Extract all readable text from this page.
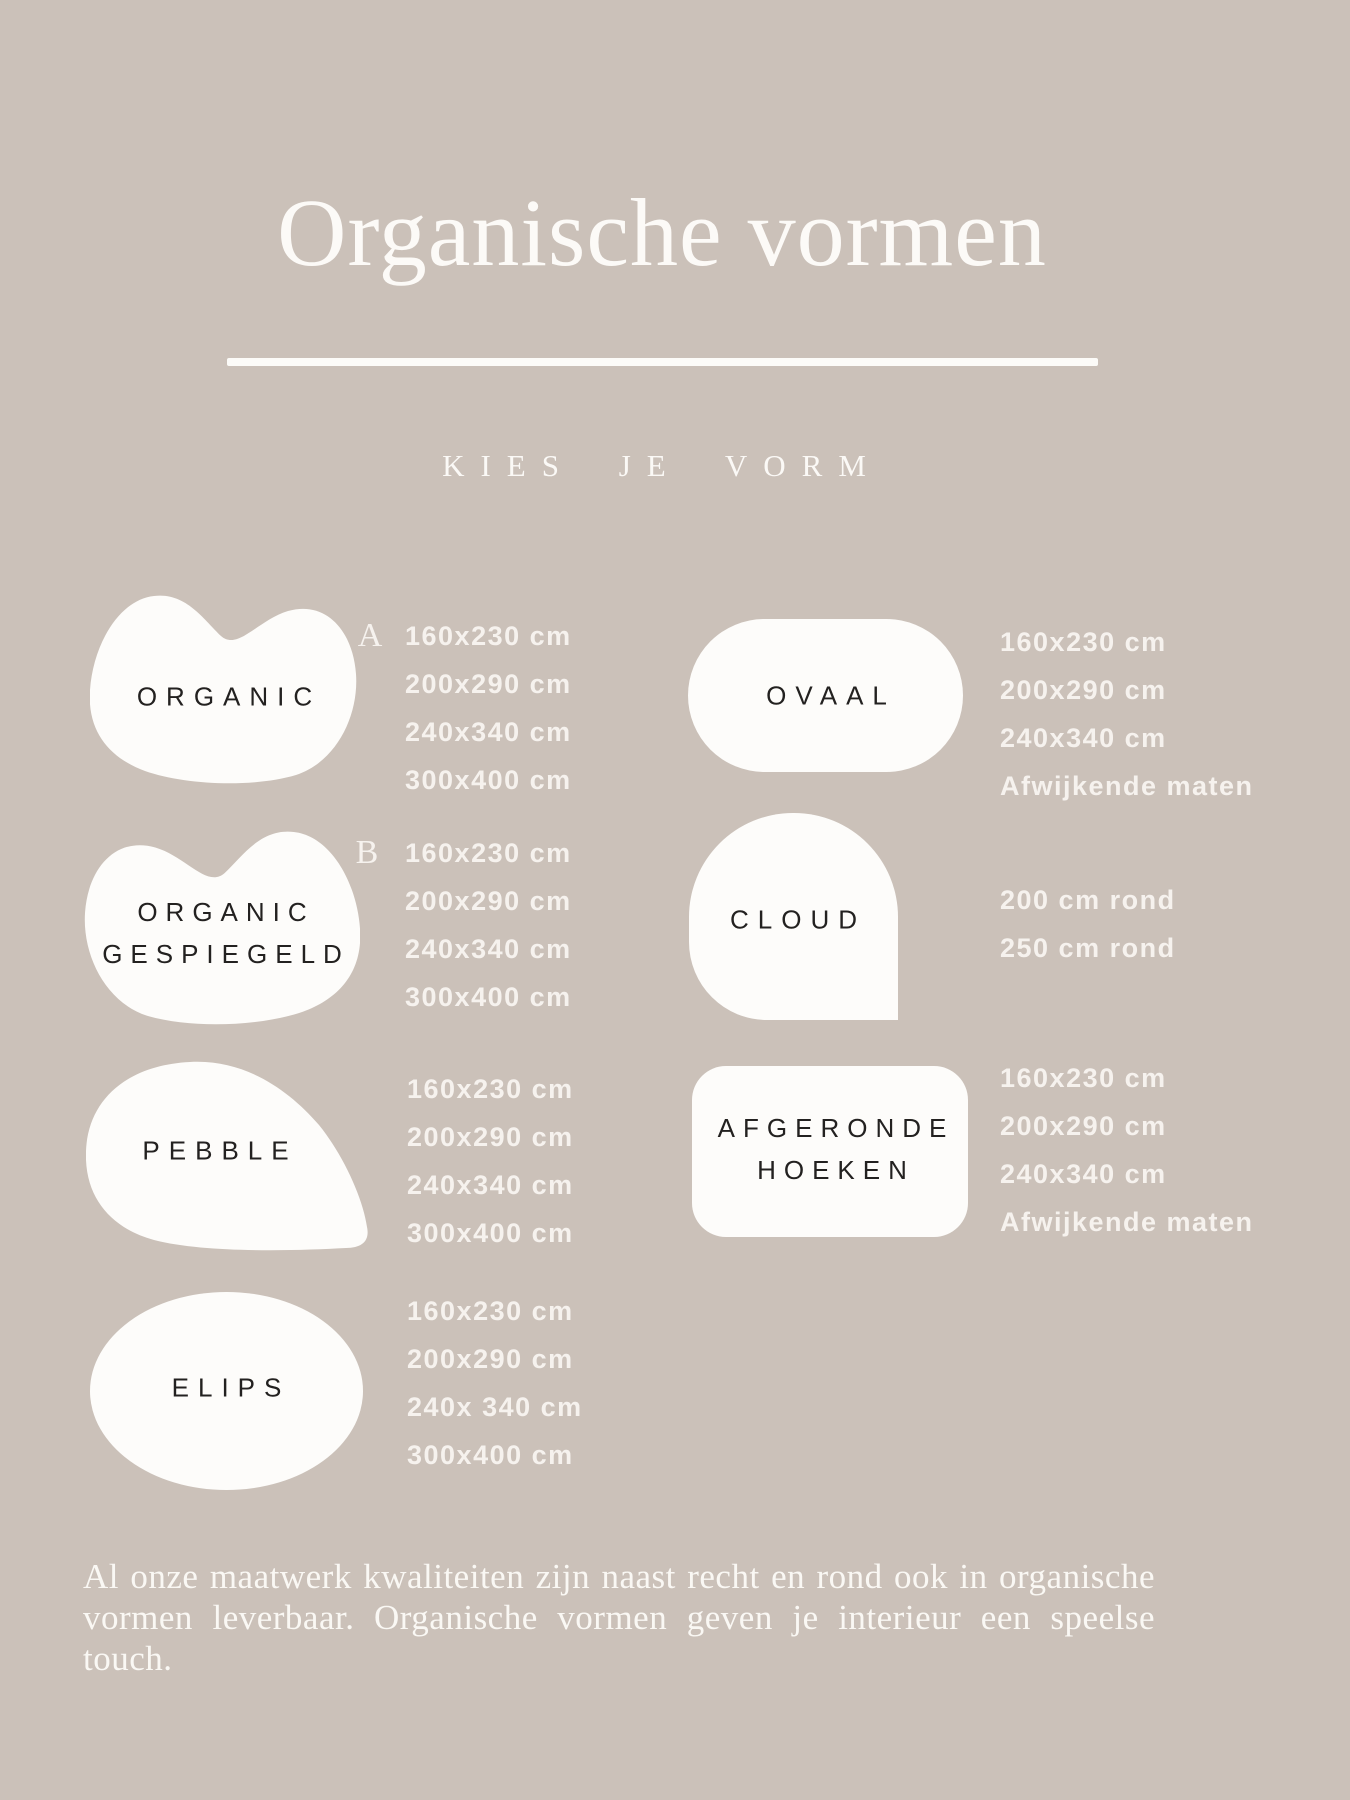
Organische vormen
KIES JE VORM
ORGANIC
A 160x230 cm
200x290 cm
240x340 cm
300x400 cm
ORGANIC
GESPIEGELD
B 160x230 cm
200x290 cm
240x340 cm
300x400 cm
PEBBLE
160x230 cm
200x290 cm
240x340 cm
300x400 cm
ELIPS
160x230 cm
200x290 cm
240x 340 cm
300x400 cm
OVAAL
160x230 cm
200x290 cm
240x340 cm
Afwijkende maten
CLOUD
200 cm rond
250 cm rond
AFGERONDE
HOEKEN
160x230 cm
200x290 cm
240x340 cm
Afwijkende maten
Al onze maatwerk kwaliteiten zijn naast recht en rond ook in organische vormen leverbaar. Organische vormen geven je interieur een speelse touch.
